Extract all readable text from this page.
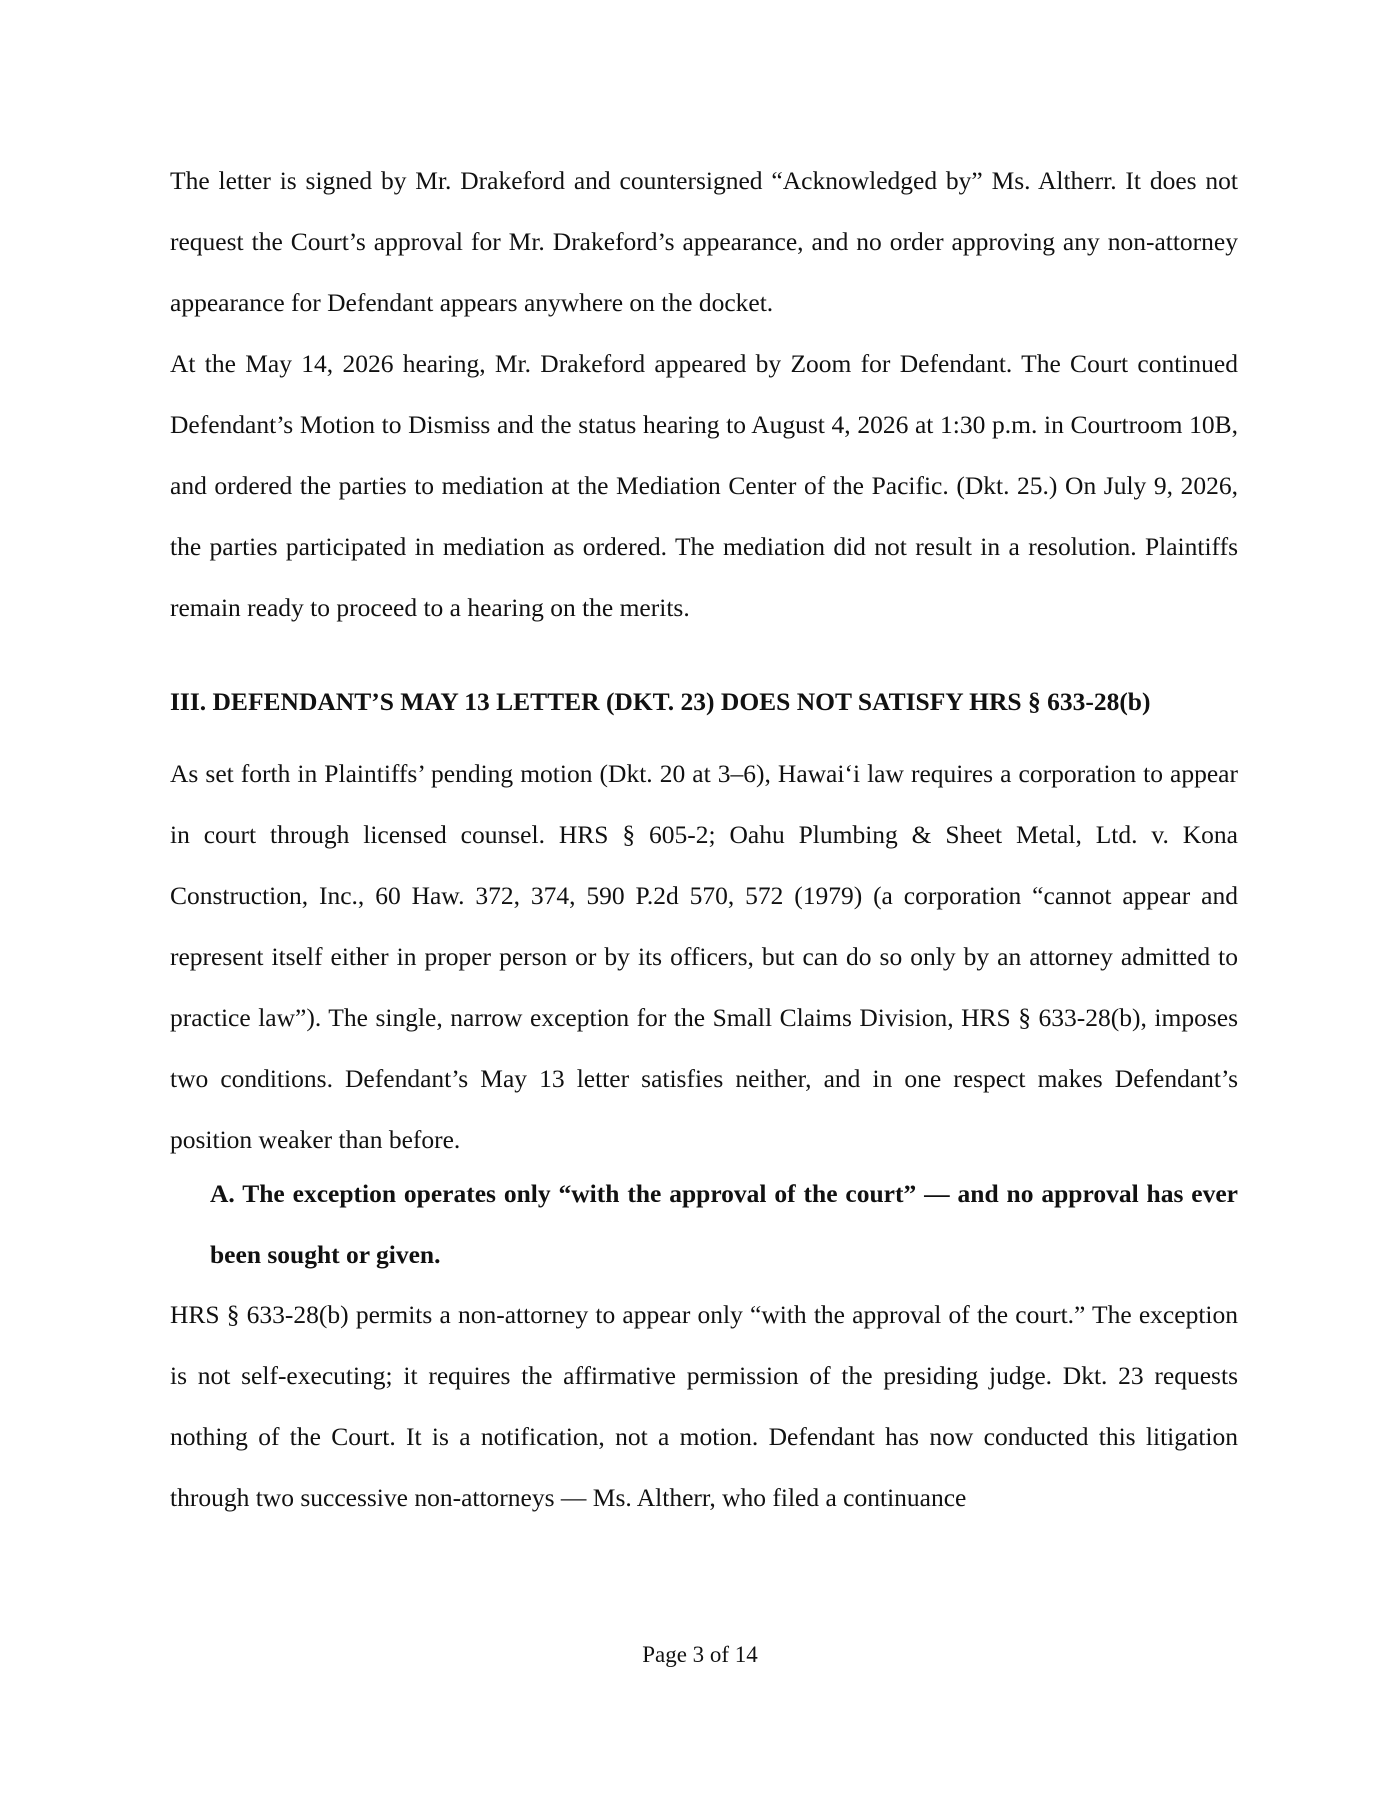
The letter is signed by Mr. Drakeford and countersigned “Acknowledged by” Ms. Altherr. It does not request the Court’s approval for Mr. Drakeford’s appearance, and no order approving any non-attorney appearance for Defendant appears anywhere on the docket.

At the May 14, 2026 hearing, Mr. Drakeford appeared by Zoom for Defendant. The Court continued Defendant’s Motion to Dismiss and the status hearing to August 4, 2026 at 1:30 p.m. in Courtroom 10B, and ordered the parties to mediation at the Mediation Center of the Pacific. (Dkt. 25.) On July 9, 2026, the parties participated in mediation as ordered. The mediation did not result in a resolution. Plaintiffs remain ready to proceed to a hearing on the merits.

III. DEFENDANT’S MAY 13 LETTER (DKT. 23) DOES NOT SATISFY HRS § 633-28(b)

As set forth in Plaintiffs’ pending motion (Dkt. 20 at 3–6), Hawai‘i law requires a corporation to appear in court through licensed counsel. HRS § 605-2; Oahu Plumbing & Sheet Metal, Ltd. v. Kona Construction, Inc., 60 Haw. 372, 374, 590 P.2d 570, 572 (1979) (a corporation “cannot appear and represent itself either in proper person or by its officers, but can do so only by an attorney admitted to practice law”). The single, narrow exception for the Small Claims Division, HRS § 633-28(b), imposes two conditions. Defendant’s May 13 letter satisfies neither, and in one respect makes Defendant’s position weaker than before.

A. The exception operates only “with the approval of the court” — and no approval has ever been sought or given.

HRS § 633-28(b) permits a non-attorney to appear only “with the approval of the court.” The exception is not self-executing; it requires the affirmative permission of the presiding judge. Dkt. 23 requests nothing of the Court. It is a notification, not a motion. Defendant has now conducted this litigation through two successive non-attorneys — Ms. Altherr, who filed a continuance

Page 3 of 14
